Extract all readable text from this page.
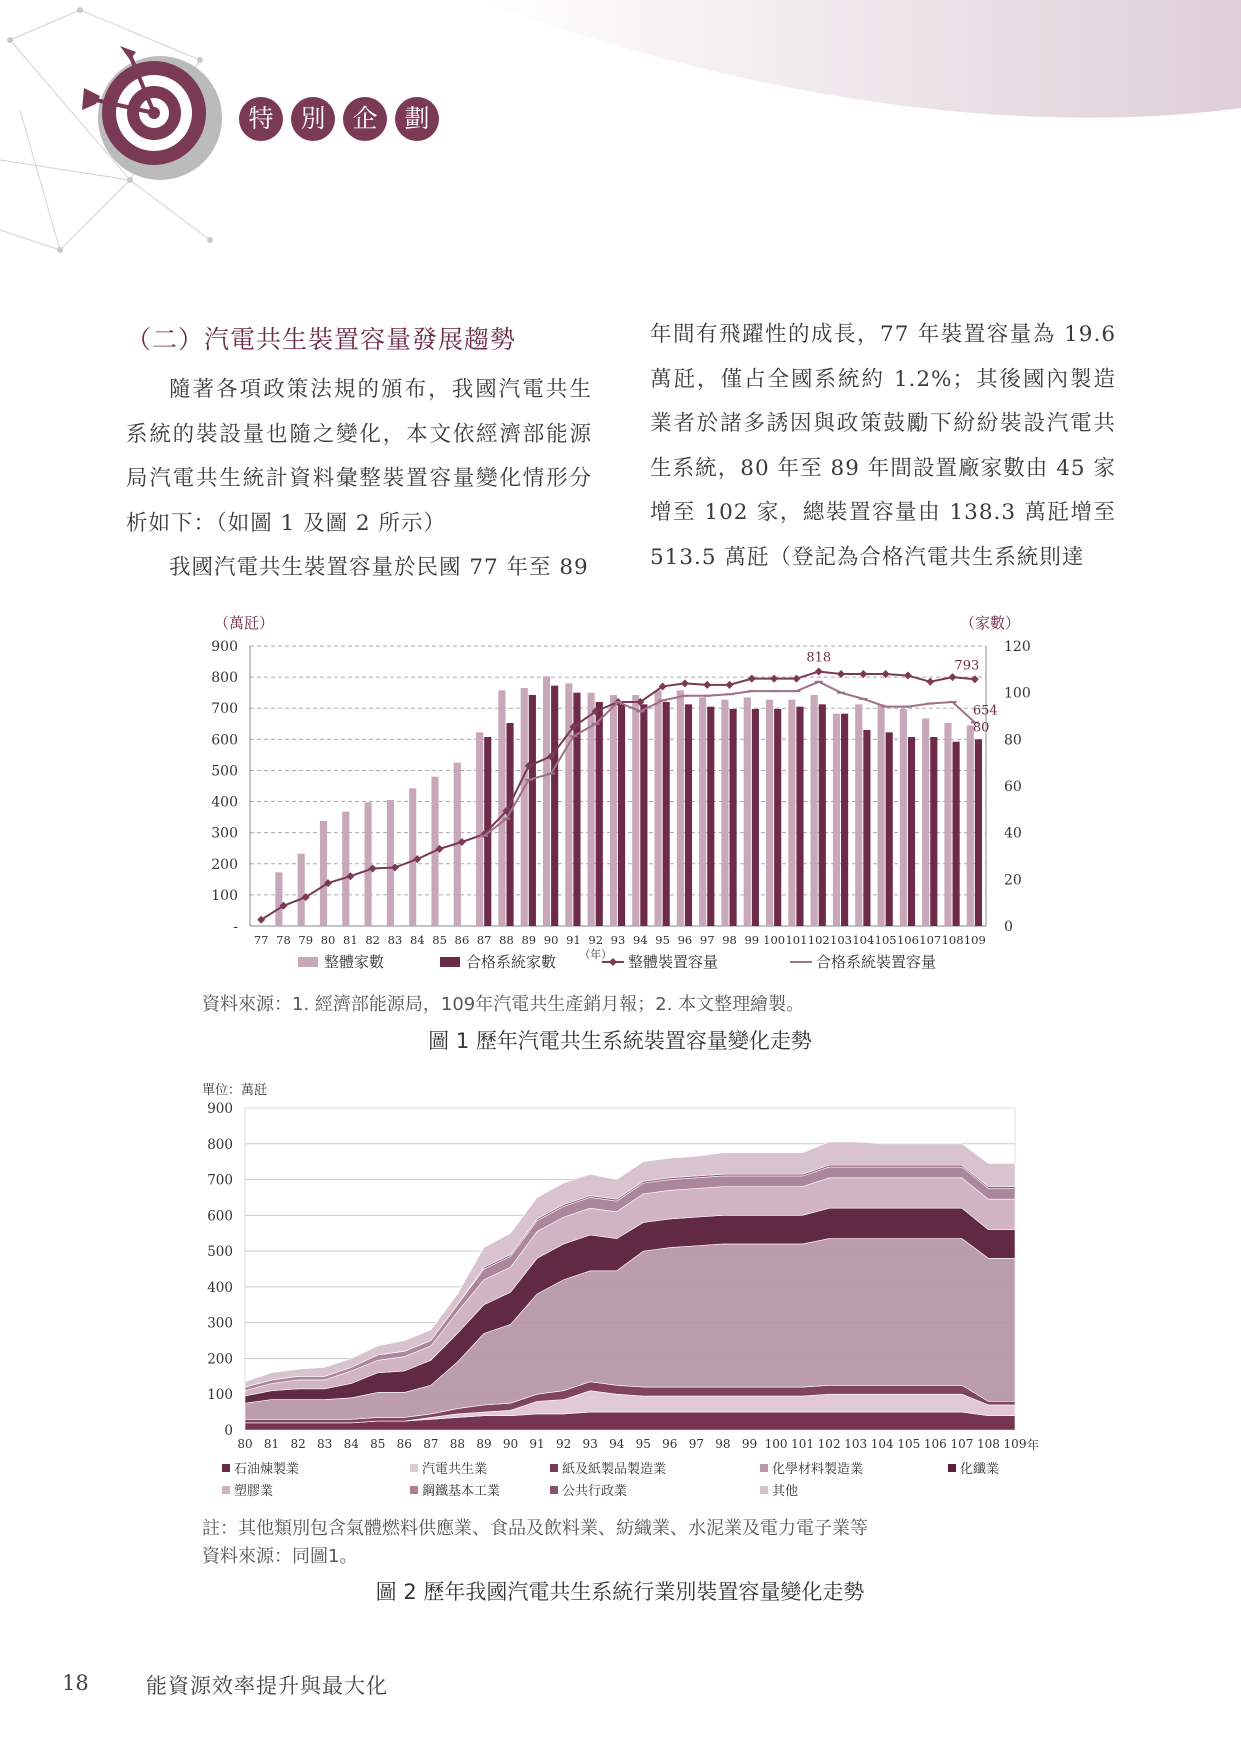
特	別	企	劃

（二）汽電共生裝置容量發展趨勢

隨著各項政策法規的頒布，我國汽電共生系統的裝設量也隨之變化，本文依經濟部能源局汽電共生統計資料彙整裝置容量變化情形分析如下：（如圖 1 及圖 2 所示）

我國汽電共生裝置容量於民國 77 年至 89

年間有飛躍性的成長，77 年裝置容量為 19.6 萬瓩，僅占全國系統約 1.2%；其後國內製造業者於諸多誘因與政策鼓勵下紛紛裝設汽電共生系統，80 年至 89 年間設置廠家數由 45 家增至 102 家，總裝置容量由 138.3 萬瓩增至 513.5 萬瓩（登記為合格汽電共生系統則達

（萬瓩）	（家數）
-
100
200
300
400
500
600
700
800
900
0
20
40
60
80
100
120
77 78 79 80 81 82 83 84 85 86 87 88 89 90 91 92 93 94 95 96 97 98 99 100 101 102 103 104 105 106 107 108 109
（年）
818
793
654
80
整體家數	合格系統家數	整體裝置容量	合格系統裝置容量
資料來源：1. 經濟部能源局，109年汽電共生產銷月報；2. 本文整理繪製。
圖 1 歷年汽電共生系統裝置容量變化走勢
單位：萬瓩
0
100
200
300
400
500
600
700
800
900
80 81 82 83 84 85 86 87 88 89 90 91 92 93 94 95 96 97 98 99 100 101 102 103 104 105 106 107 108 109 年
石油煉製業	汽電共生業	紙及紙製品製造業	化學材料製造業	化纖業
塑膠業	鋼鐵基本工業	公共行政業	其他
註：其他類別包含氣體燃料供應業、食品及飲料業、紡織業、水泥業及電力電子業等
資料來源：同圖1。
圖 2 歷年我國汽電共生系統行業別裝置容量變化走勢
18	能資源效率提升與最大化
